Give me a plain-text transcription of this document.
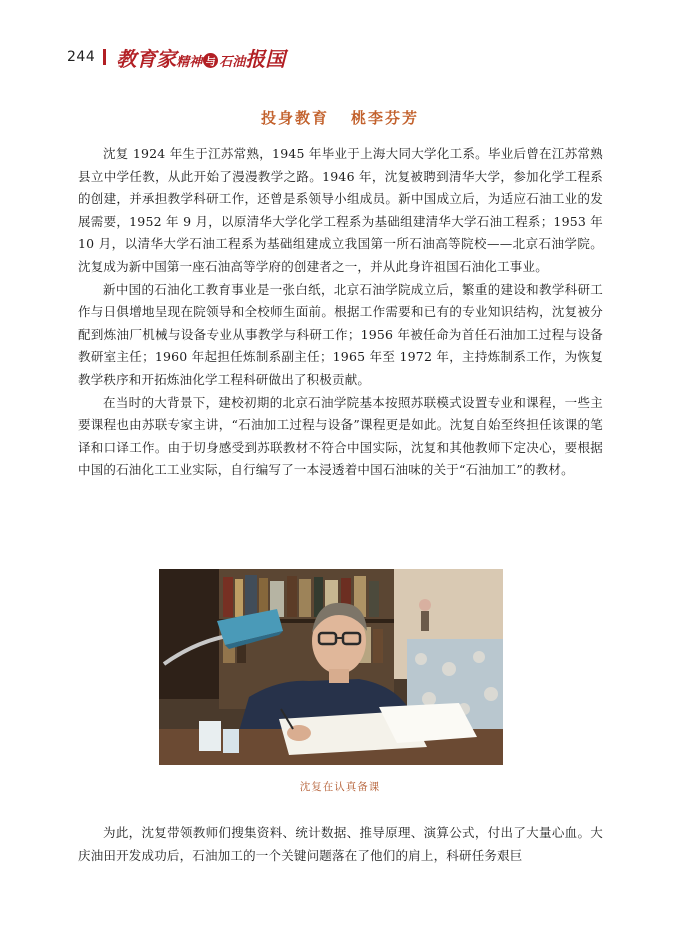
244 教育家 精神 与 石油 报国
投身教育 桃李芬芳

沈复 1924 年生于江苏常熟，1945 年毕业于上海大同大学化工系。毕业后曾在江苏常熟县立中学任教，从此开始了漫漫教学之路。1946 年，沈复被聘到清华大学，参加化学工程系的创建，并承担教学科研工作，还曾是系领导小组成员。新中国成立后，为适应石油工业的发展需要，1952 年 9 月，以原清华大学化学工程系为基础组建清华大学石油工程系；1953 年 10 月，以清华大学石油工程系为基础组建成立我国第一所石油高等院校——北京石油学院。沈复成为新中国第一座石油高等学府的创建者之一，并从此身许祖国石油化工事业。

新中国的石油化工教育事业是一张白纸，北京石油学院成立后，繁重的建设和教学科研工作与日俱增地呈现在院领导和全校师生面前。根据工作需要和已有的专业知识结构，沈复被分配到炼油厂机械与设备专业从事教学与科研工作；1956 年被任命为首任石油加工过程与设备教研室主任；1960 年起担任炼制系副主任；1965 年至 1972 年，主持炼制系工作，为恢复教学秩序和开拓炼油化学工程科研做出了积极贡献。

在当时的大背景下，建校初期的北京石油学院基本按照苏联模式设置专业和课程，一些主要课程也由苏联专家主讲，“石油加工过程与设备”课程更是如此。沈复自始至终担任该课的笔译和口译工作。由于切身感受到苏联教材不符合中国实际，沈复和其他教师下定决心，要根据中国的石油化工工业实际，自行编写了一本浸透着中国石油味的关于“石油加工”的教材。

沈复在认真备课

为此，沈复带领教师们搜集资料、统计数据、推导原理、演算公式，付出了大量心血。大庆油田开发成功后，石油加工的一个关键问题落在了他们的肩上，科研任务艰巨
